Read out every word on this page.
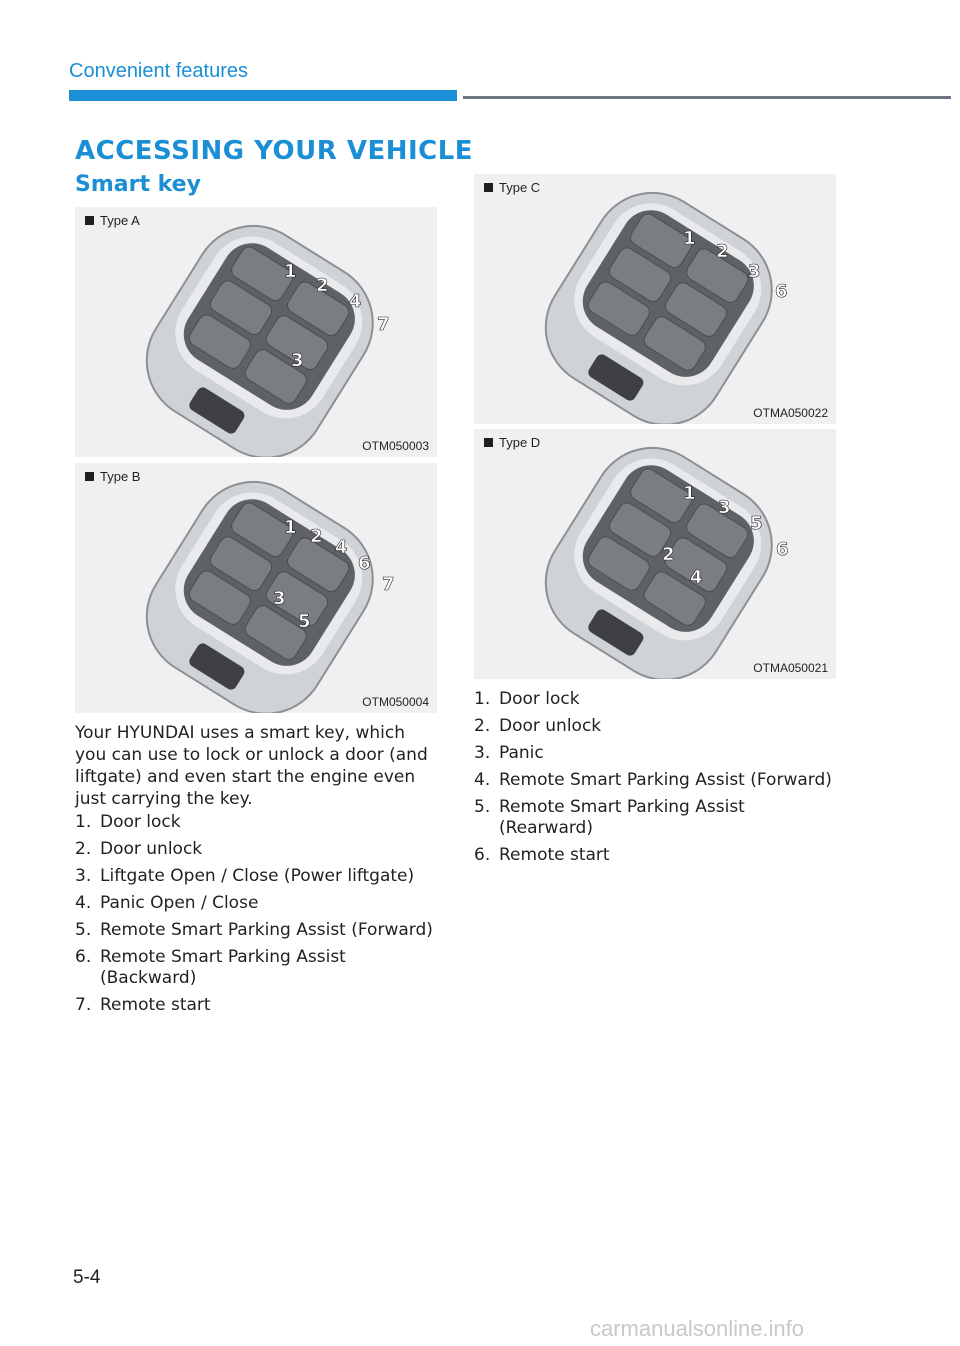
Convenient features
ACCESSING YOUR VEHICLE
Smart key
Type A
1
2
3
4
7
OTM050003
Type B
1 2
3
4
5
6
7
OTM050004
Type C
1
2
3
6
OTMA050022
Type D
1
2
3
4
5
6
OTMA050021
Your HYUNDAI uses a smart key, which you can use to lock or unlock a door (and liftgate) and even start the engine even just carrying the key.
1. Door lock
2. Door unlock
3. Liftgate Open / Close (Power liftgate)
4. Panic Open / Close
5. Remote Smart Parking Assist (Forward)
6. Remote Smart Parking Assist (Backward)
7. Remote start
1. Door lock
2. Door unlock
3. Panic
4. Remote Smart Parking Assist (Forward)
5. Remote Smart Parking Assist (Rearward)
6. Remote start
5-4
carmanualsonline.info
